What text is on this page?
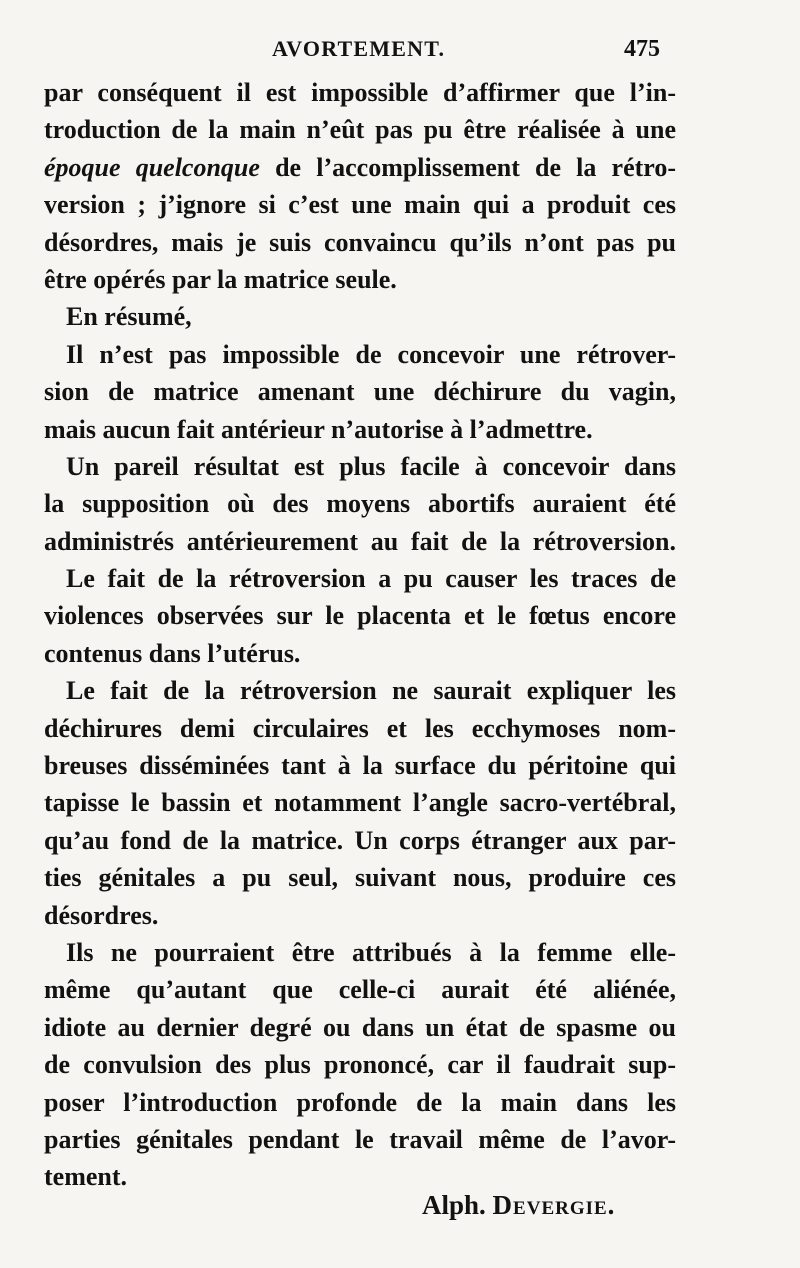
AVORTEMENT.	475
par conséquent il est impossible d’affirmer que l’in-
troduction de la main n’eût pas pu être réalisée à une
époque quelconque de l’accomplissement de la rétro-
version ; j’ignore si c’est une main qui a produit ces
désordres, mais je suis convaincu qu’ils n’ont pas pu
être opérés par la matrice seule.
En résumé,
Il n’est pas impossible de concevoir une rétrover-
sion de matrice amenant une déchirure du vagin,
mais aucun fait antérieur n’autorise à l’admettre.
Un pareil résultat est plus facile à concevoir dans
la supposition où des moyens abortifs auraient été
administrés antérieurement au fait de la rétroversion.
Le fait de la rétroversion a pu causer les traces de
violences observées sur le placenta et le fœtus encore
contenus dans l’utérus.
Le fait de la rétroversion ne saurait expliquer les
déchirures demi circulaires et les ecchymoses nom-
breuses disséminées tant à la surface du péritoine qui
tapisse le bassin et notamment l’angle sacro-vertébral,
qu’au fond de la matrice. Un corps étranger aux par-
ties génitales a pu seul, suivant nous, produire ces
désordres.
Ils ne pourraient être attribués à la femme elle-
même qu’autant que celle-ci aurait été aliénée,
idiote au dernier degré ou dans un état de spasme ou
de convulsion des plus prononcé, car il faudrait sup-
poser l’introduction profonde de la main dans les
parties génitales pendant le travail même de l’avor-
tement.
Alph. Devergie.
